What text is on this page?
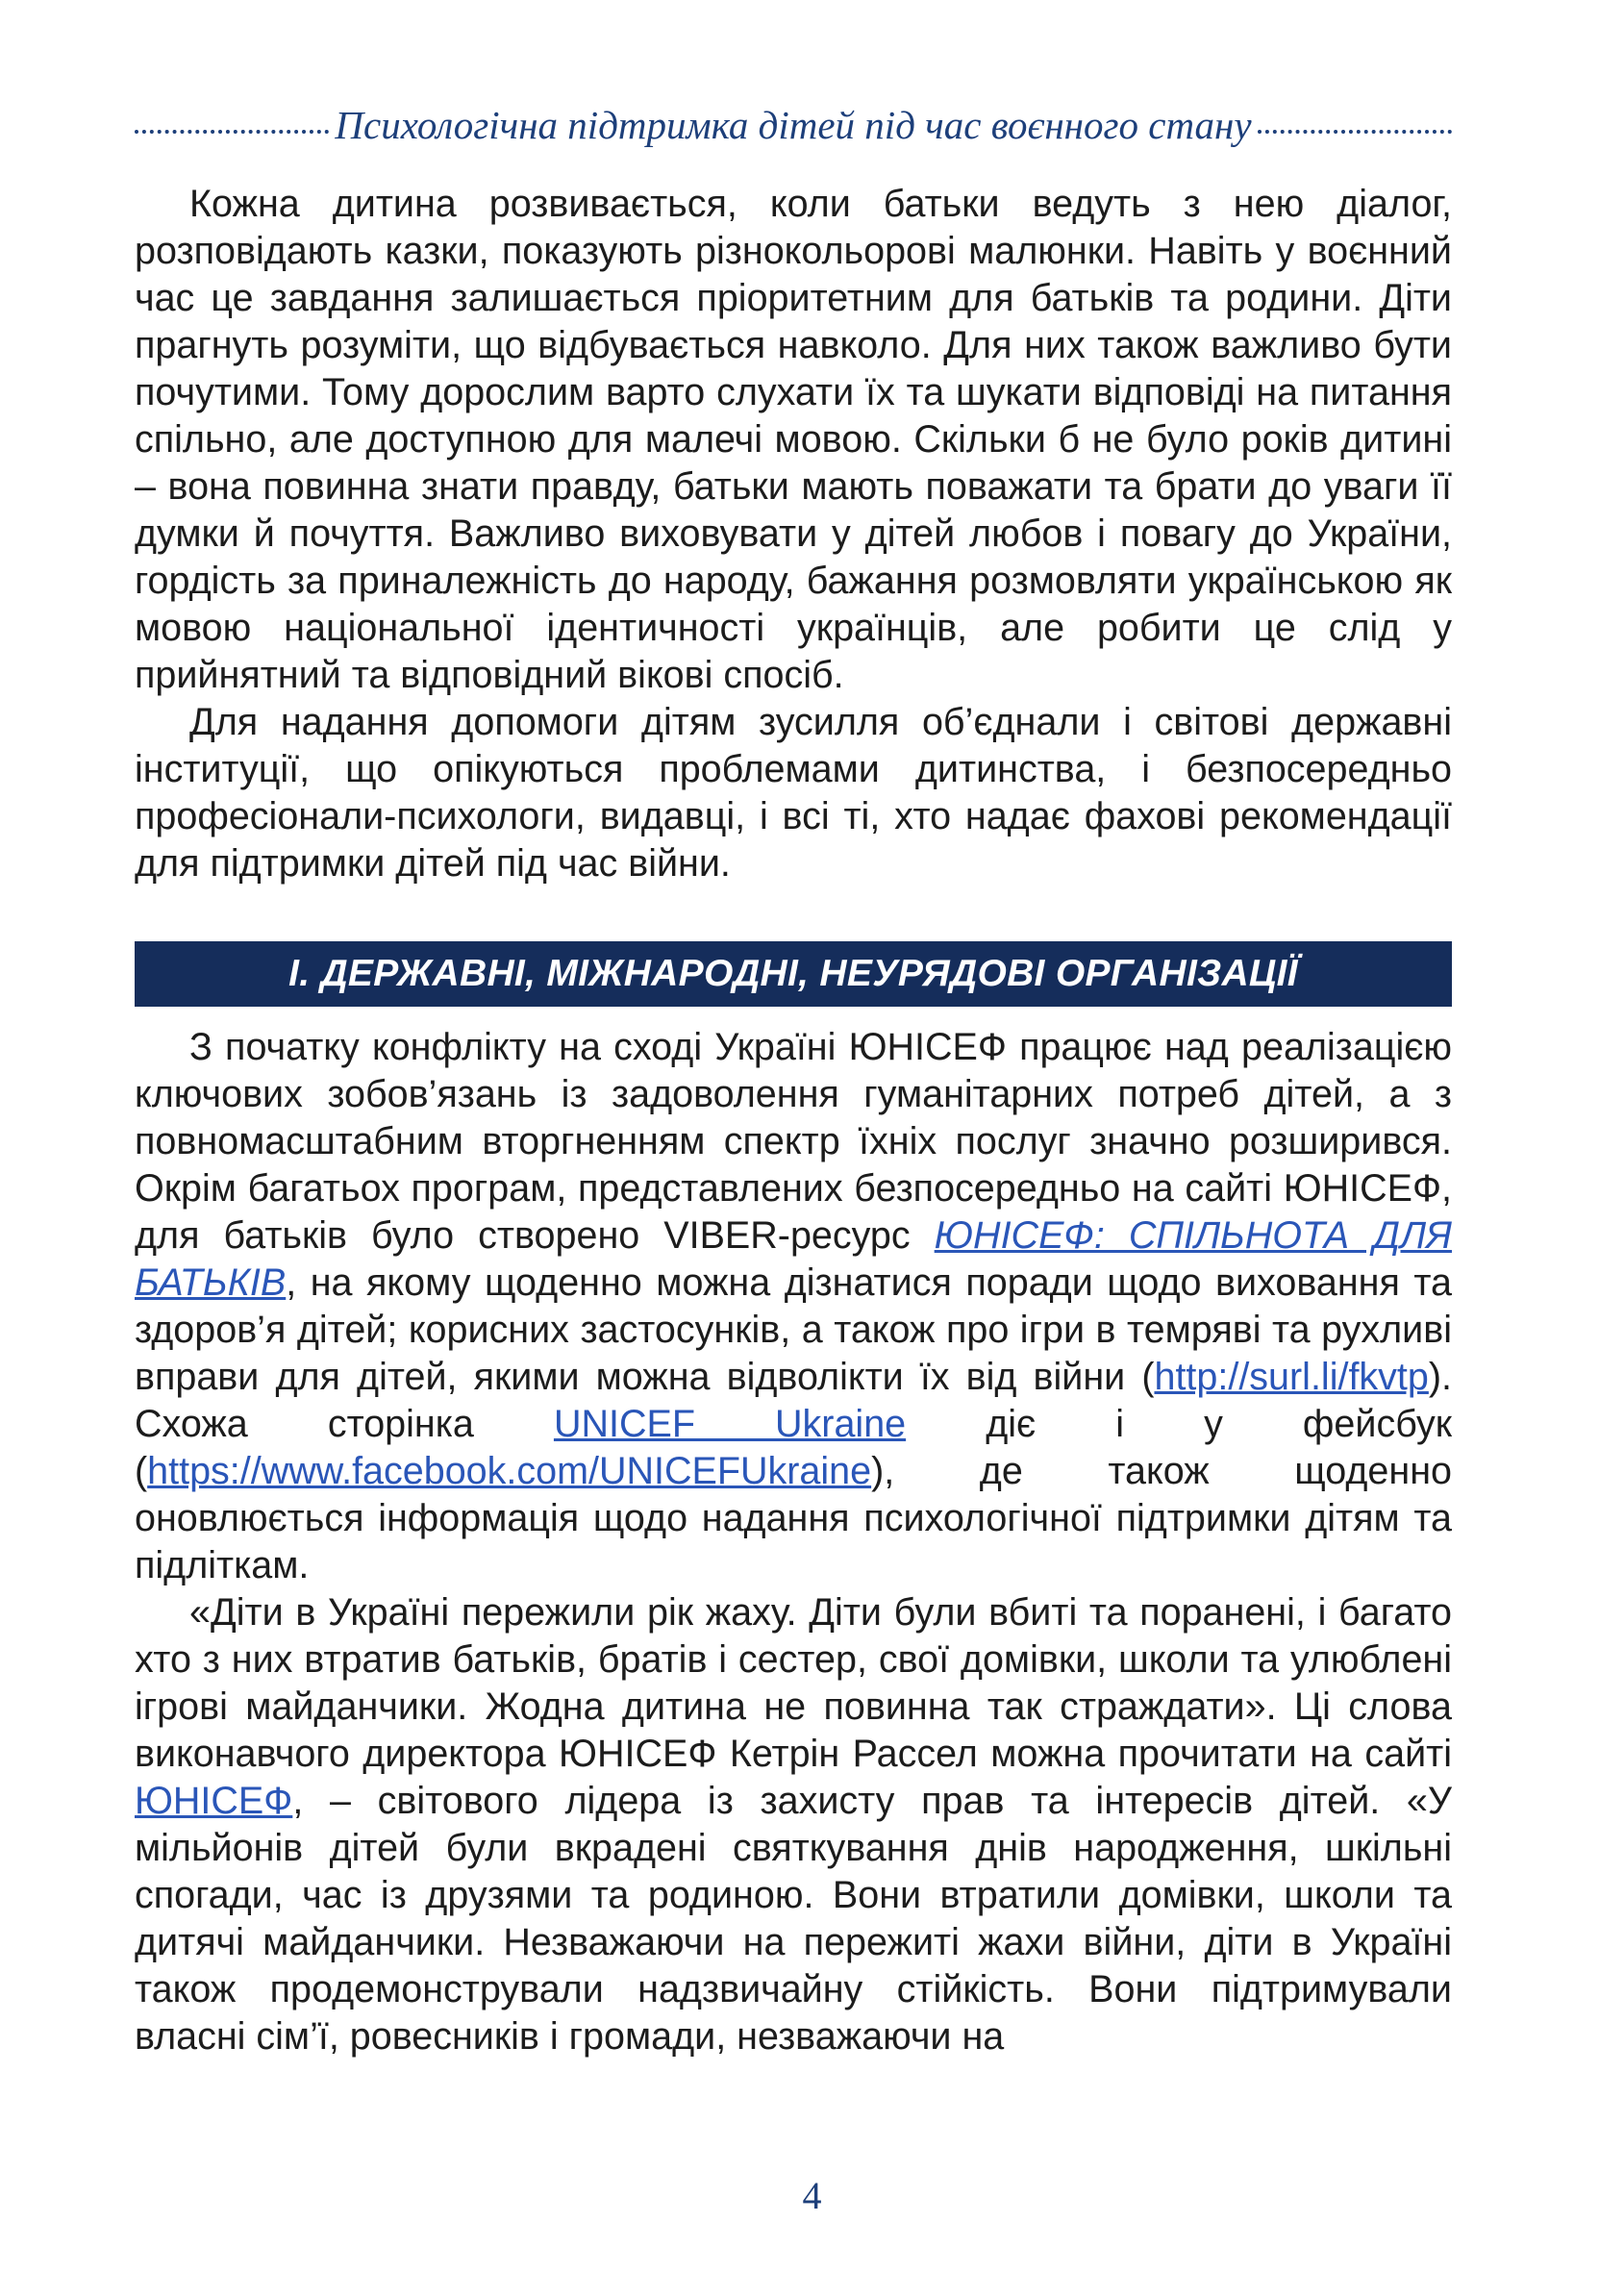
Психологічна підтримка дітей під час воєнного стану

Кожна дитина розвивається, коли батьки ведуть з нею діалог, розповідають казки, показують різнокольорові малюнки. Навіть у воєнний час це завдання залишається пріоритетним для батьків та родини. Діти прагнуть розуміти, що відбувається навколо. Для них також важливо бути почутими. Тому дорослим варто слухати їх та шукати відповіді на питання спільно, але доступною для малечі мовою. Скільки б не було років дитині – вона повинна знати правду, батьки мають поважати та брати до уваги її думки й почуття. Важливо виховувати у дітей любов і повагу до України, гордість за приналежність до народу, бажання розмовляти українською як мовою національної ідентичності українців, але робити це слід у прийнятний та відповідний вікові спосіб.

Для надання допомоги дітям зусилля об’єднали і світові державні інституції, що опікуються проблемами дитинства, і безпосередньо професіонали-психологи, видавці, і всі ті, хто надає фахові рекомендації для підтримки дітей під час війни.

І. ДЕРЖАВНІ, МІЖНАРОДНІ, НЕУРЯДОВІ ОРГАНІЗАЦІЇ

З початку конфлікту на сході Україні ЮНІСЕФ працює над реалізацією ключових зобов’язань із задоволення гуманітарних потреб дітей, а з повномасштабним вторгненням спектр їхніх послуг значно розширився. Окрім багатьох програм, представлених безпосередньо на сайті ЮНІСЕФ, для батьків було створено VIBER-ресурс ЮНІСЕФ: СПІЛЬНОТА ДЛЯ БАТЬКІВ, на якому щоденно можна дізнатися поради щодо виховання та здоров’я дітей; корисних застосунків, а також про ігри в темряві та рухливі вправи для дітей, якими можна відволікти їх від війни (http://surl.li/fkvtp). Схожа сторінка UNICEF Ukraine діє і у фейсбук (https://www.facebook.com/UNICEFUkraine), де також щоденно оновлюється інформація щодо надання психологічної підтримки дітям та підліткам.

«Діти в Україні пережили рік жаху. Діти були вбиті та поранені, і багато хто з них втратив батьків, братів і сестер, свої домівки, школи та улюблені ігрові майданчики. Жодна дитина не повинна так страждати». Ці слова виконавчого директора ЮНІСЕФ Кетрін Рассел можна прочитати на сайті ЮНІСЕФ, – світового лідера із захисту прав та інтересів дітей. «У мільйонів дітей були вкрадені святкування днів народження, шкільні спогади, час із друзями та родиною. Вони втратили домівки, школи та дитячі майданчики. Незважаючи на пережиті жахи війни, діти в Україні також продемонстрували надзвичайну стійкість. Вони підтримували власні сім’ї, ровесників і громади, незважаючи на

4
